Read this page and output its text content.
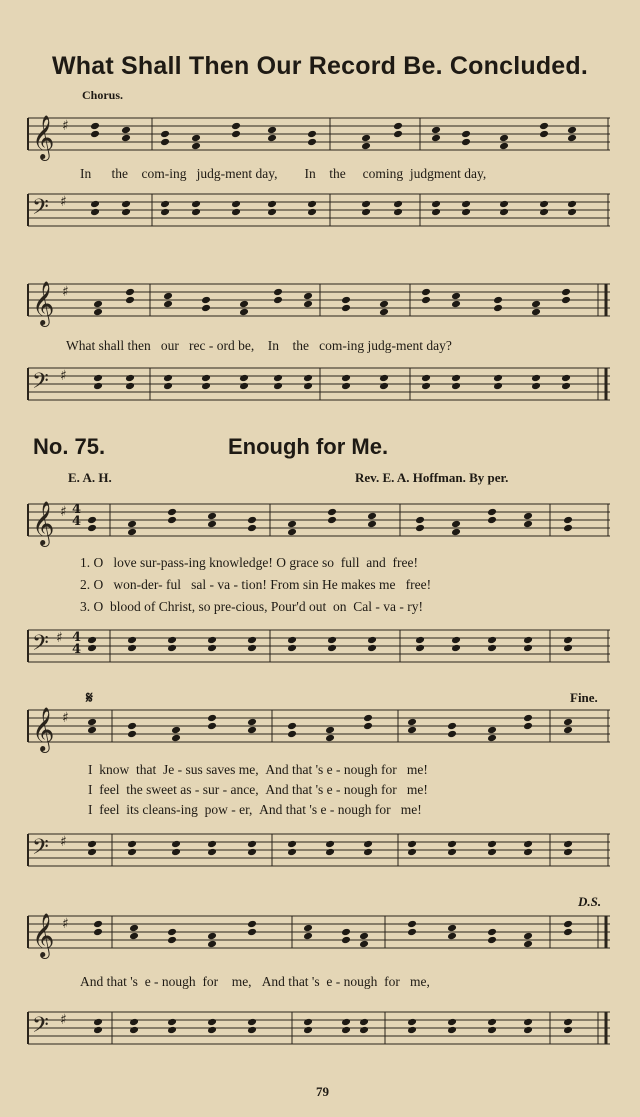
What Shall Then Our Record Be. Concluded.
Chorus.
𝄞 ♯
In the com-ing judg-ment day, In the coming judgment day,
𝄢 ♯
𝄞 ♯
What shall then our rec - ord be, In the com-ing judg-ment day?
𝄢 ♯
No. 75.	Enough for Me.
E. A. H.	Rev. E. A. Hoffman. By per.
𝄞 ♯ 4
4
1. O love sur-pass-ing knowledge! O grace so full and free!
2. O won-der- ful sal - va - tion! From sin He makes me free!
3. O blood of Christ, so pre-cious, Pour'd out on Cal - va - ry!
𝄢 ♯ 4
4
𝄋	Fine.
𝄞 ♯
I know that Je - sus saves me, And that 's e - nough for me!
I feel the sweet as - sur - ance, And that 's e - nough for me!
I feel its cleans-ing pow - er, And that 's e - nough for me!
𝄢 ♯
D.S.
𝄞 ♯
And that 's e - nough for me, And that 's e - nough for me,
𝄢 ♯
79
